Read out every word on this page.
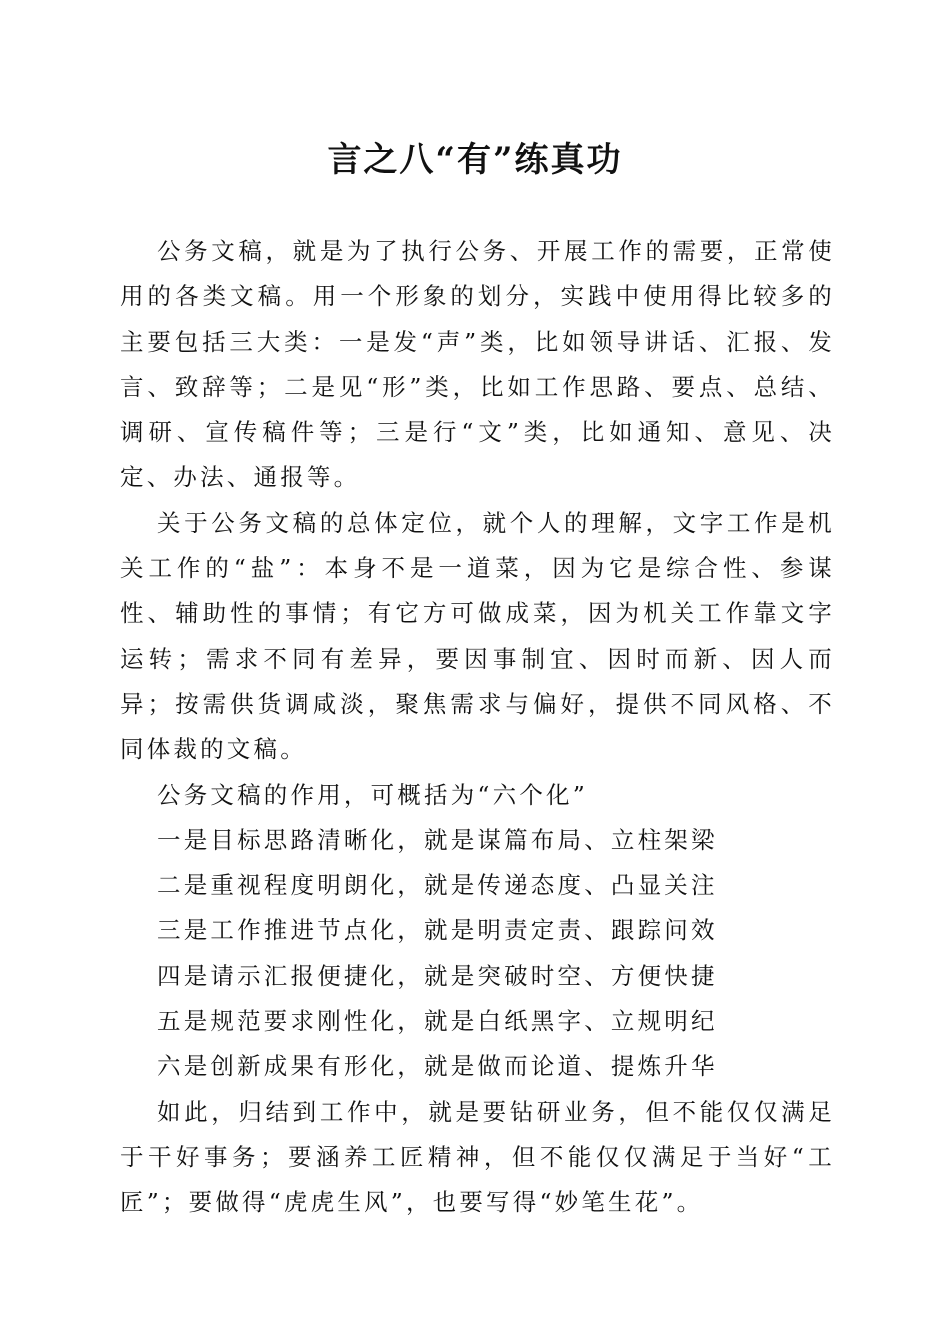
言之八“有”练真功

公务文稿，就是为了执行公务、开展工作的需要，正常使用的各类文稿。用一个形象的划分，实践中使用得比较多的主要包括三大类：一是发“声”类，比如领导讲话、汇报、发言、致辞等；二是见“形”类，比如工作思路、要点、总结、调研、宣传稿件等；三是行“文”类，比如通知、意见、决定、办法、通报等。

关于公务文稿的总体定位，就个人的理解，文字工作是机关工作的“盐”：本身不是一道菜，因为它是综合性、参谋性、辅助性的事情；有它方可做成菜，因为机关工作靠文字运转；需求不同有差异，要因事制宜、因时而新、因人而异；按需供货调咸淡，聚焦需求与偏好，提供不同风格、不同体裁的文稿。

公务文稿的作用，可概括为“六个化”

一是目标思路清晰化，就是谋篇布局、立柱架梁

二是重视程度明朗化，就是传递态度、凸显关注

三是工作推进节点化，就是明责定责、跟踪问效

四是请示汇报便捷化，就是突破时空、方便快捷

五是规范要求刚性化，就是白纸黑字、立规明纪

六是创新成果有形化，就是做而论道、提炼升华

如此，归结到工作中，就是要钻研业务，但不能仅仅满足于干好事务；要涵养工匠精神，但不能仅仅满足于当好“工匠”；要做得“虎虎生风”，也要写得“妙笔生花”。
